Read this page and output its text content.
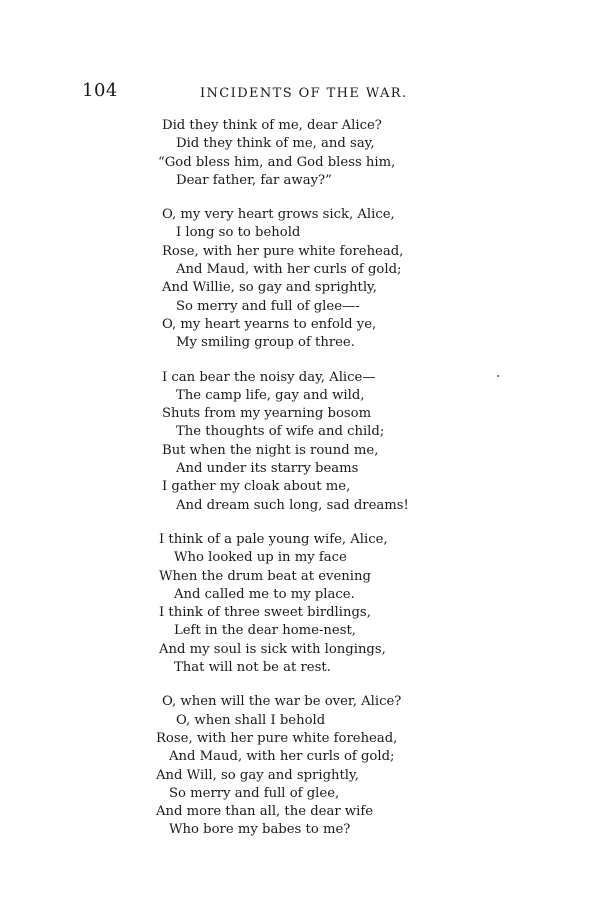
104	INCIDENTS OF THE WAR.
Did they think of me, dear Alice?
Did they think of me, and say,
“God bless him, and God bless him,
Dear father, far away?”
O, my very heart grows sick, Alice,
I long so to behold
Rose, with her pure white forehead,
And Maud, with her curls of gold;
And Willie, so gay and sprightly,
So merry and full of glee—-
O, my heart yearns to enfold ye,
My smiling group of three.
I can bear the noisy day, Alice—
The camp life, gay and wild,
Shuts from my yearning bosom
The thoughts of wife and child;
But when the night is round me,
And under its starry beams
I gather my cloak about me,
And dream such long, sad dreams!
I think of a pale young wife, Alice,
Who looked up in my face
When the drum beat at evening
And called me to my place.
I think of three sweet birdlings,
Left in the dear home-nest,
And my soul is sick with longings,
That will not be at rest.
O, when will the war be over, Alice?
O, when shall I behold
Rose, with her pure white forehead,
And Maud, with her curls of gold;
And Will, so gay and sprightly,
So merry and full of glee,
And more than all, the dear wife
Who bore my babes to me?
